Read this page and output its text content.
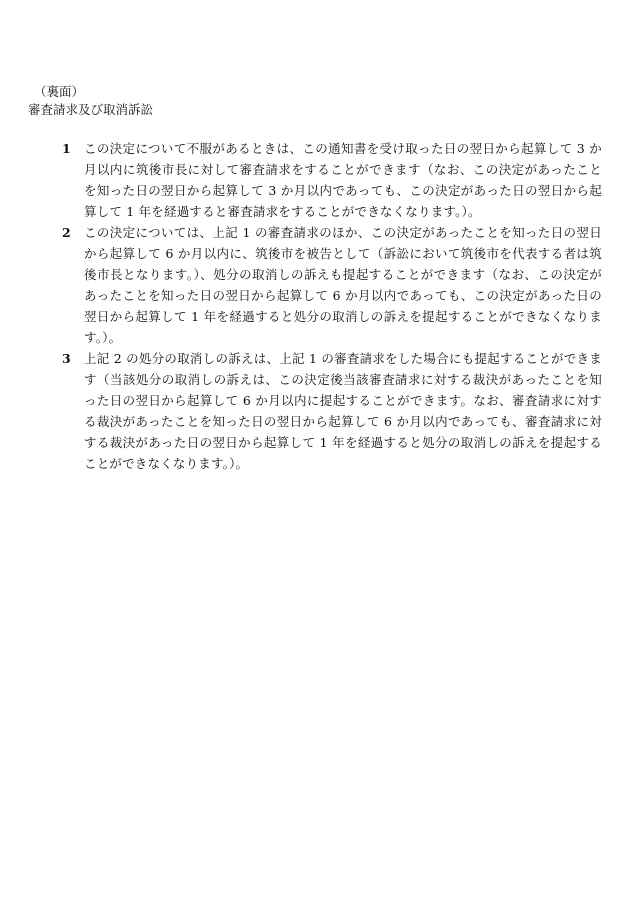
（裏面）
審査請求及び取消訴訟
1	この決定について不服があるときは、この通知書を受け取った日の翌日から起算して 3 か月以内に筑後市長に対して審査請求をすることができます（なお、この決定があったことを知った日の翌日から起算して 3 か月以内であっても、この決定があった日の翌日から起算して 1 年を経過すると審査請求をすることができなくなります。）。
2	この決定については、上記 1 の審査請求のほか、この決定があったことを知った日の翌日から起算して 6 か月以内に、筑後市を被告として（訴訟において筑後市を代表する者は筑後市長となります。）、処分の取消しの訴えも提起することができます（なお、この決定があったことを知った日の翌日から起算して 6 か月以内であっても、この決定があった日の翌日から起算して 1 年を経過すると処分の取消しの訴えを提起することができなくなります。）。
3	上記 2 の処分の取消しの訴えは、上記 1 の審査請求をした場合にも提起することができます（当該処分の取消しの訴えは、この決定後当該審査請求に対する裁決があったことを知った日の翌日から起算して 6 か月以内に提起することができます。なお、審査請求に対する裁決があったことを知った日の翌日から起算して 6 か月以内であっても、審査請求に対する裁決があった日の翌日から起算して 1 年を経過すると処分の取消しの訴えを提起することができなくなります。）。
